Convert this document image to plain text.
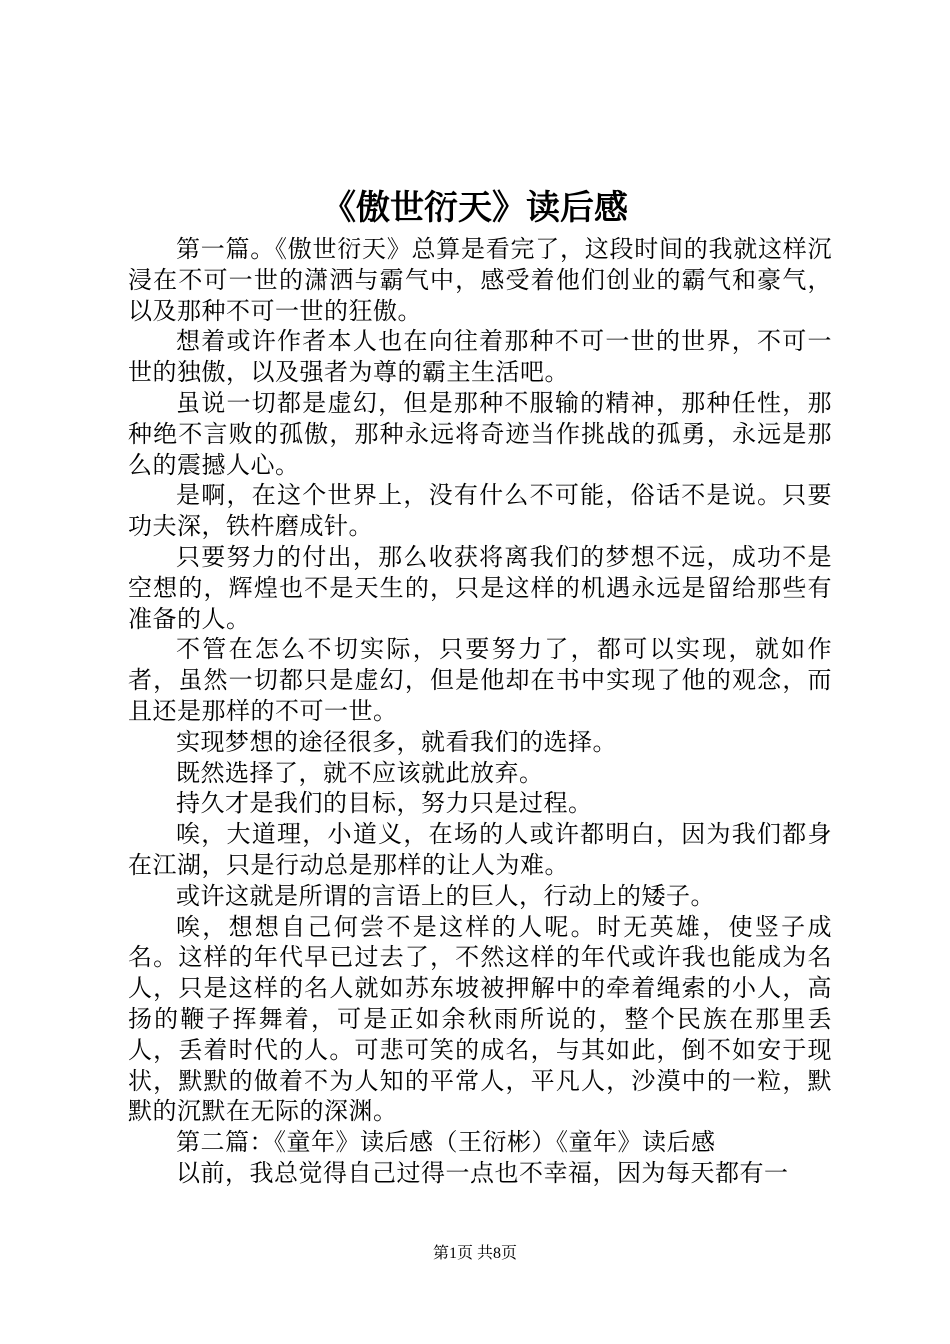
《傲世衍天》读后感

第一篇。《傲世衍天》总算是看完了，这段时间的我就这样沉浸在不可一世的潇洒与霸气中，感受着他们创业的霸气和豪气，以及那种不可一世的狂傲。

想着或许作者本人也在向往着那种不可一世的世界，不可一世的独傲，以及强者为尊的霸主生活吧。

虽说一切都是虚幻，但是那种不服输的精神，那种任性，那种绝不言败的孤傲，那种永远将奇迹当作挑战的孤勇，永远是那么的震撼人心。

是啊，在这个世界上，没有什么不可能，俗话不是说。只要功夫深，铁杵磨成针。

只要努力的付出，那么收获将离我们的梦想不远，成功不是空想的，辉煌也不是天生的，只是这样的机遇永远是留给那些有准备的人。

不管在怎么不切实际，只要努力了，都可以实现，就如作者，虽然一切都只是虚幻，但是他却在书中实现了他的观念，而且还是那样的不可一世。

实现梦想的途径很多，就看我们的选择。

既然选择了，就不应该就此放弃。

持久才是我们的目标，努力只是过程。

唉，大道理，小道义，在场的人或许都明白，因为我们都身在江湖，只是行动总是那样的让人为难。

或许这就是所谓的言语上的巨人，行动上的矮子。

唉，想想自己何尝不是这样的人呢。时无英雄，使竖子成名。这样的年代早已过去了，不然这样的年代或许我也能成为名人，只是这样的名人就如苏东坡被押解中的牵着绳索的小人，高扬的鞭子挥舞着，可是正如余秋雨所说的，整个民族在那里丢人，丢着时代的人。可悲可笑的成名，与其如此，倒不如安于现状，默默的做着不为人知的平常人，平凡人，沙漠中的一粒，默默的沉默在无际的深渊。

第二篇：《童年》读后感（王衍彬）《童年》读后感

以前，我总觉得自己过得一点也不幸福，因为每天都有一

第1页 共8页
